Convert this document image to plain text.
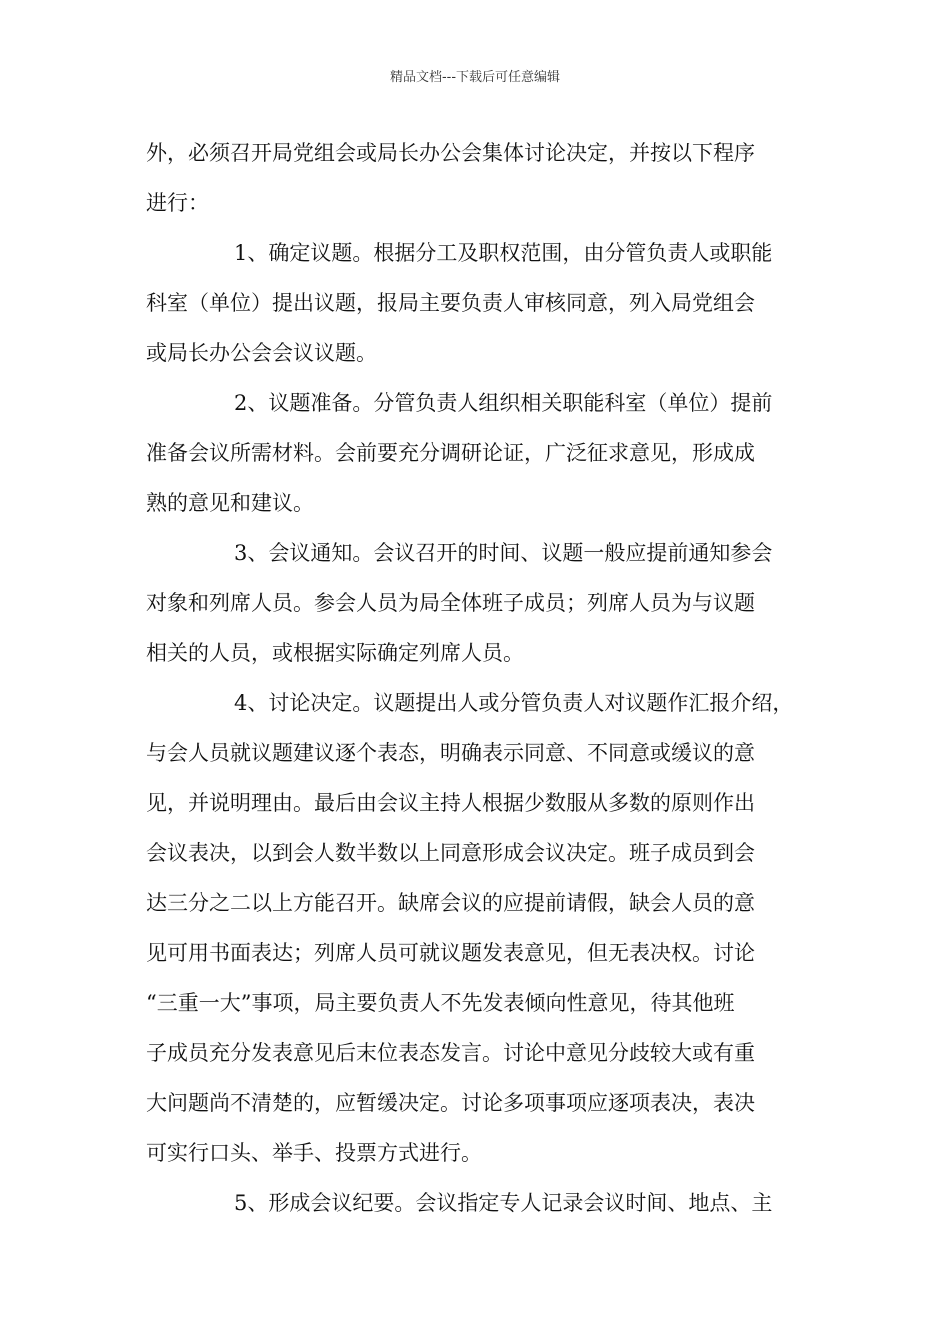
精品文档---下载后可任意编辑
外，必须召开局党组会或局长办公会集体讨论决定，并按以下程序
进行：
1、确定议题。根据分工及职权范围，由分管负责人或职能
科室（单位）提出议题，报局主要负责人审核同意，列入局党组会
或局长办公会会议议题。
2、议题准备。分管负责人组织相关职能科室（单位）提前
准备会议所需材料。会前要充分调研论证，广泛征求意见，形成成
熟的意见和建议。
3、会议通知。会议召开的时间、议题一般应提前通知参会
对象和列席人员。参会人员为局全体班子成员；列席人员为与议题
相关的人员，或根据实际确定列席人员。
4、讨论决定。议题提出人或分管负责人对议题作汇报介绍，
与会人员就议题建议逐个表态，明确表示同意、不同意或缓议的意
见，并说明理由。最后由会议主持人根据少数服从多数的原则作出
会议表决，以到会人数半数以上同意形成会议决定。班子成员到会
达三分之二以上方能召开。缺席会议的应提前请假，缺会人员的意
见可用书面表达；列席人员可就议题发表意见，但无表决权。讨论
“三重一大”事项，局主要负责人不先发表倾向性意见，待其他班
子成员充分发表意见后末位表态发言。讨论中意见分歧较大或有重
大问题尚不清楚的，应暂缓决定。讨论多项事项应逐项表决，表决
可实行口头、举手、投票方式进行。
5、形成会议纪要。会议指定专人记录会议时间、地点、主
